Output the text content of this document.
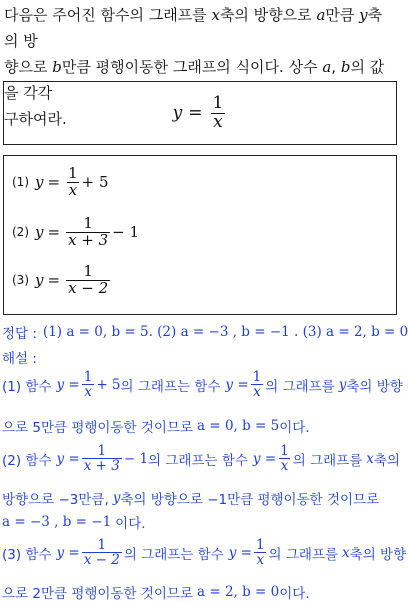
다음은 주어진 함수의 그래프를 x축의 방향으로 a만큼 y축의 방
향으로 b만큼 평행이동한 그래프의 식이다. 상수 a, b의 값을 각각
구하여라.	$y = \frac{1}{x}$
(1) $y = \frac{1}{x} + 5$
(2) $y = \frac{1}{x + 3} - 1$
(3) $y = \frac{1}{x - 2}$
정답 : (1) a = 0, b = 5. (2) a = −3 , b = −1 . (3) a = 2, b = 0
해설 :
(1) 함수 $y = \frac{1}{x} + 5$ 의 그래프는 함수 $y = \frac{1}{x}$ 의 그래프를 y 축의 방향
으로 5만큼 평행이동한 것이므로 a = 0, b = 5 이다.
(2) 함수 $y = \frac{1}{x + 3} - 1$ 의 그래프는 함수 $y = \frac{1}{x}$ 의 그래프를 x 축의
방향으로 −3만큼, y 축의 방향으로 −1만큼 평행이동한 것이므로
a = −3 , b = −1 이다.
(3) 함수 $y = \frac{1}{x - 2}$ 의 그래프는 함수 $y = \frac{1}{x}$ 의 그래프를 x 축의 방향
으로 2만큼 평행이동한 것이므로 a = 2, b = 0 이다.
